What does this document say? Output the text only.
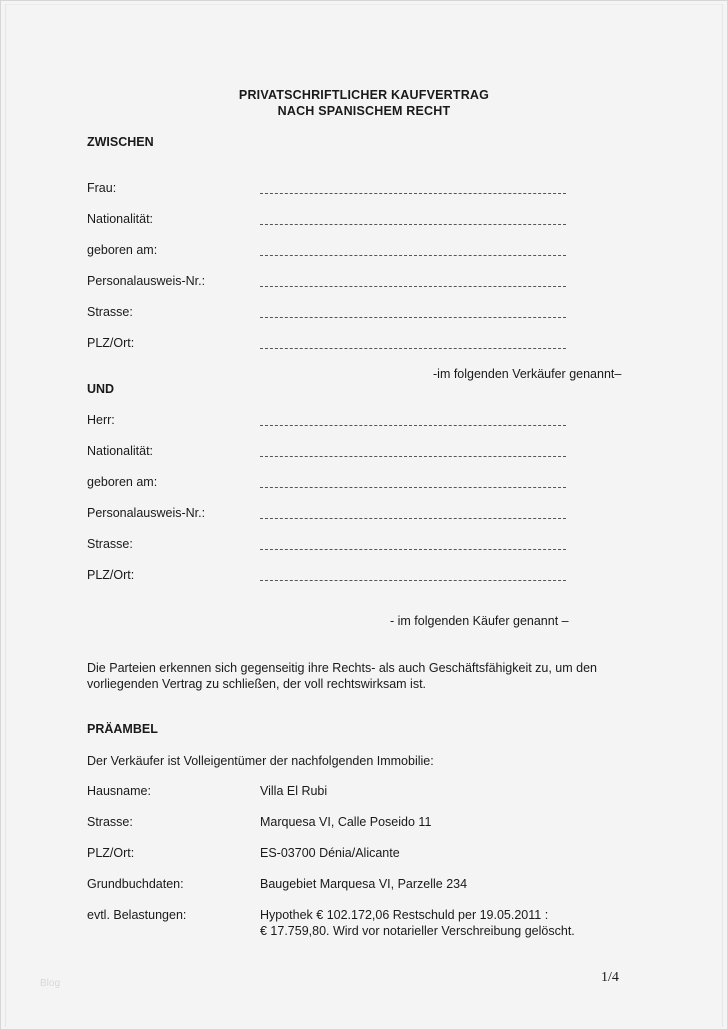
PRIVATSCHRIFTLICHER KAUFVERTRAG
NACH SPANISCHEM RECHT
ZWISCHEN
Frau:
Nationalität:
geboren am:
Personalausweis-Nr.:
Strasse:
PLZ/Ort:
-im folgenden Verkäufer genannt–
UND
Herr:
Nationalität:
geboren am:
Personalausweis-Nr.:
Strasse:
PLZ/Ort:
- im folgenden Käufer genannt –
Die Parteien erkennen sich gegenseitig ihre Rechts- als auch Geschäftsfähigkeit zu, um den
vorliegenden Vertrag zu schließen, der voll rechtswirksam ist.
PRÄAMBEL
Der Verkäufer ist Volleigentümer der nachfolgenden Immobilie:
Hausname:	Villa El Rubi
Strasse:	Marquesa VI, Calle Poseido 11
PLZ/Ort:	ES-03700 Dénia/Alicante
Grundbuchdaten:	Baugebiet Marquesa VI, Parzelle 234
evtl. Belastungen:	Hypothek € 102.172,06 Restschuld per 19.05.2011 :
€ 17.759,80. Wird vor notarieller Verschreibung gelöscht.
1/4
Blog
